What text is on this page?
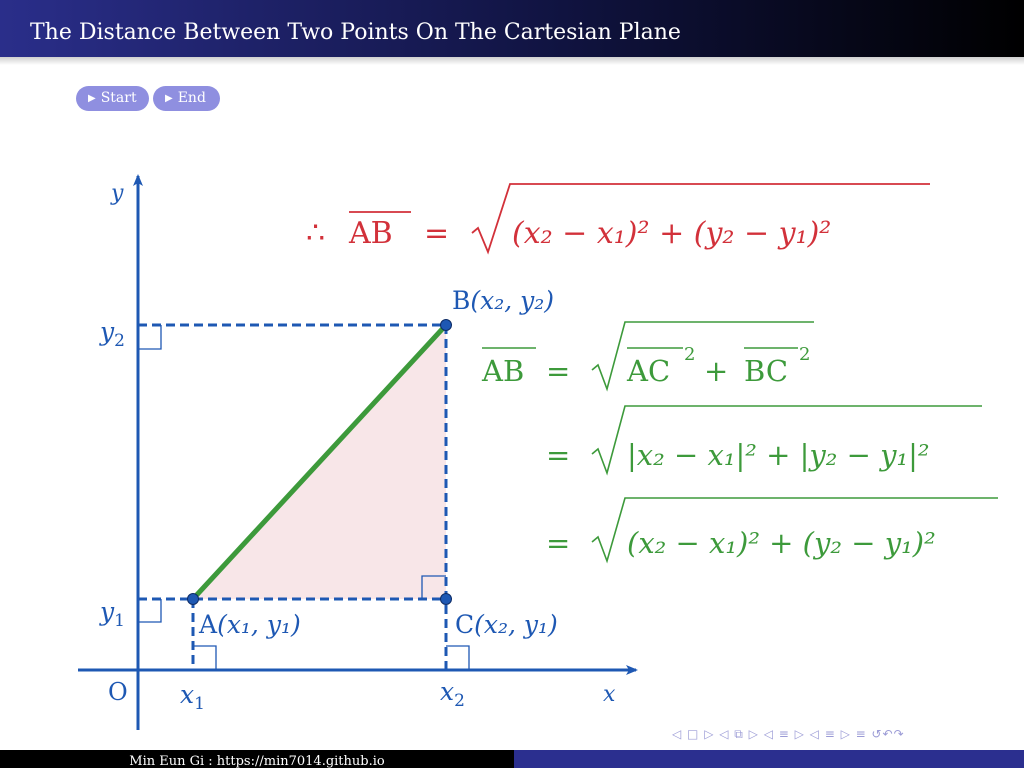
The Distance Between Two Points On The Cartesian Plane
▶ Start	▶ End
y
x
O
$y_2$
$y_1$
$x_1$	$x_2$
B(x₂, y₂)
A(x₁, y₁)	C(x₂, y₁)
∴ AB = (x₂ − x₁)² + (y₂ − y₁)²
AB = AC 2 + BC 2
= |x₂ − x₁|² + |y₂ − y₁|²
= (x₂ − x₁)² + (y₂ − y₁)²
◁ □ ▷ ◁ ⧉ ▷ ◁ ≡ ▷ ◁ ≡ ▷ ≡ ↺↶↷
Min Eun Gi : https://min7014.github.io
